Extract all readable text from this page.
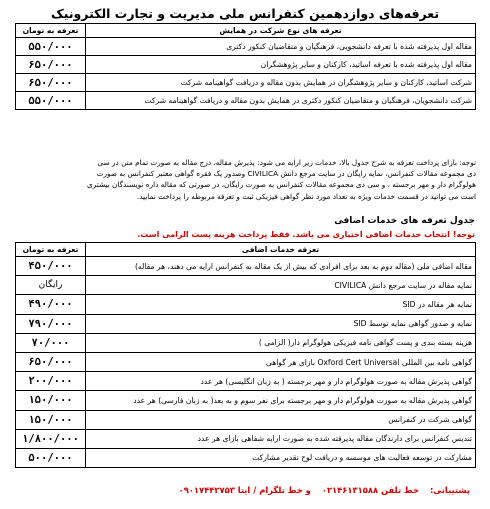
تعرفه‌های دوازدهمین کنفرانس ملی مدیریت و تجارت الکترونیک
تعرفه های نوع شرکت در همایش	تعرفه به تومان
مقاله اول پذیرفته شده با تعرفه دانشجویی، فرهنگیان و متقاضیان کنکور دکتری	۵۵۰/۰۰۰
مقاله اول پذیرفته شده با تعرفه اساتید، کارکنان و سایر پژوهشگران	۶۵۰/۰۰۰
شرکت اساتید، کارکنان و سایر پژوهشگران در همایش بدون مقاله و دریافت گواهینامه شرکت	۶۵۰/۰۰۰
شرکت دانشجویان، فرهنگیان و متقاضیان کنکور دکتری در همایش بدون مقاله و دریافت گواهینامه شرکت	۵۵۰/۰۰۰
توجه: بازای پرداخت تعرفه به شرح جدول بالا، خدمات زیر ارایه می شود: پذیرش مقاله، درج مقاله به صورت تمام متن در سی
دی مجموعه مقالات کنفرانس، نمایه رایگان در سایت مرجع دانش CIVILICA وصدور یک فقره گواهی معتبر کنفرانس به صورت
هولوگرام دار و مهر برجسته ، و سی دی مجموعه مقالات کنفرانس به صورت رایگان، در صورتی که مقاله داره نویسندگان بیشتری
است می توانید در قسمت خدمات ویژه به تعداد مورد نظر گواهی فیزیکی ثبت و تعرفه مربوطه را پرداخت نمایید.
جدول تعرفه های خدمات اضافی
توجه! انتخاب خدمات اضافی اختیاری می باشد. فقط پرداخت هزینه پست الزامی است.
تعرفه خدمات اضافی	تعرفه به تومان
مقاله اضافی ملی (مقاله دوم به بعد برای افرادی که بیش از یک مقاله به کنفرانس ارایه می دهند، هر مقاله)	۴۵۰/۰۰۰
نمایه مقاله در سایت مرجع دانش CIVILICA	رایگان
نمایه هر مقاله در SID	۴۹۰/۰۰۰
نمایه و صدور گواهی نمایه توسط SID	۷۹۰/۰۰۰
هزینه بسته بندی و پست گواهی نامه فیزیکی هولوگرام دار( الزامی )	۷۰/۰۰۰
گواهی نامه بین المللی Oxford Cert Universal بازای هر گواهی	۶۵۰/۰۰۰
گواهی پذیرش مقاله به صورت هولوگرام دار و مهر برجسته ( به زبان انگلیسی) هر عدد	۲۰۰/۰۰۰
گواهی پذیرش مقاله به صورت هولوگرام دار و مهر برجسته برای نفر سوم و به بعد( به زبان فارسی) هر عدد	۱۵۰/۰۰۰
گواهی شرکت در کنفرانس	۱۵۰/۰۰۰
تندیس کنفرانس برای دارندگان مقاله پذیرفته شده به صورت ارایه شفاهی بازای هر عدد	۱/۸۰۰/۰۰۰
مشارکت در توسعه فعالیت های موسسه و دریافت لوح تقدیر مشارکت	۵۰۰/۰۰۰
پشتیبانی: خط تلفن ۰۲۱۴۶۱۳۱۵۸۸ و خط تلگرام / ایتا ۰۹۰۱۷۴۴۲۷۵۳
